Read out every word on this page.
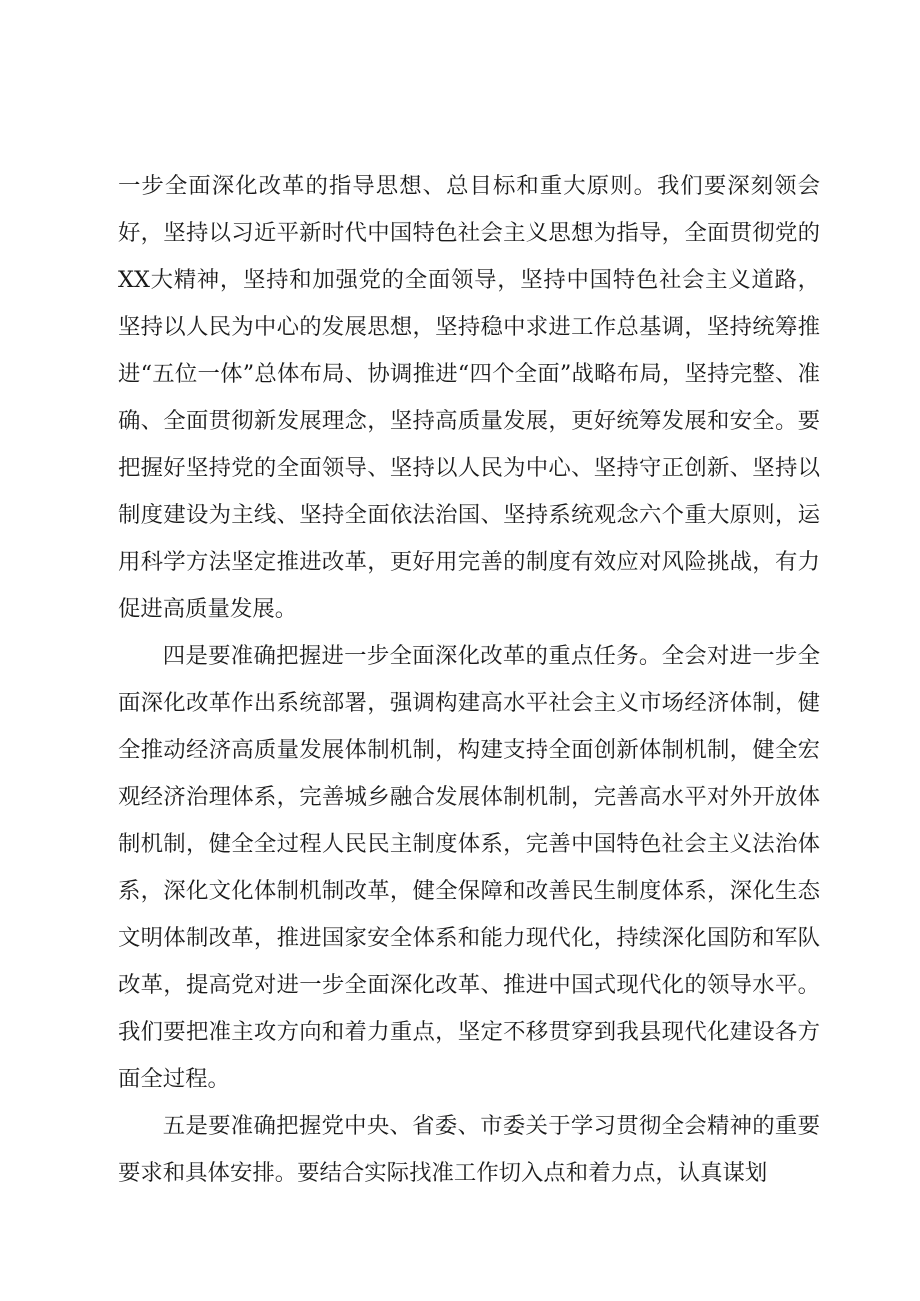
一步全面深化改革的指导思想、总目标和重大原则。我们要深刻领会好，坚持以习近平新时代中国特色社会主义思想为指导，全面贯彻党的XX大精神，坚持和加强党的全面领导，坚持中国特色社会主义道路，坚持以人民为中心的发展思想，坚持稳中求进工作总基调，坚持统筹推进“五位一体”总体布局、协调推进“四个全面”战略布局，坚持完整、准确、全面贯彻新发展理念，坚持高质量发展，更好统筹发展和安全。要把握好坚持党的全面领导、坚持以人民为中心、坚持守正创新、坚持以制度建设为主线、坚持全面依法治国、坚持系统观念六个重大原则，运用科学方法坚定推进改革，更好用完善的制度有效应对风险挑战，有力促进高质量发展。

四是要准确把握进一步全面深化改革的重点任务。全会对进一步全面深化改革作出系统部署，强调构建高水平社会主义市场经济体制，健全推动经济高质量发展体制机制，构建支持全面创新体制机制，健全宏观经济治理体系，完善城乡融合发展体制机制，完善高水平对外开放体制机制，健全全过程人民民主制度体系，完善中国特色社会主义法治体系，深化文化体制机制改革，健全保障和改善民生制度体系，深化生态文明体制改革，推进国家安全体系和能力现代化，持续深化国防和军队改革，提高党对进一步全面深化改革、推进中国式现代化的领导水平。我们要把准主攻方向和着力重点，坚定不移贯穿到我县现代化建设各方面全过程。

五是要准确把握党中央、省委、市委关于学习贯彻全会精神的重要要求和具体安排。要结合实际找准工作切入点和着力点，认真谋划
